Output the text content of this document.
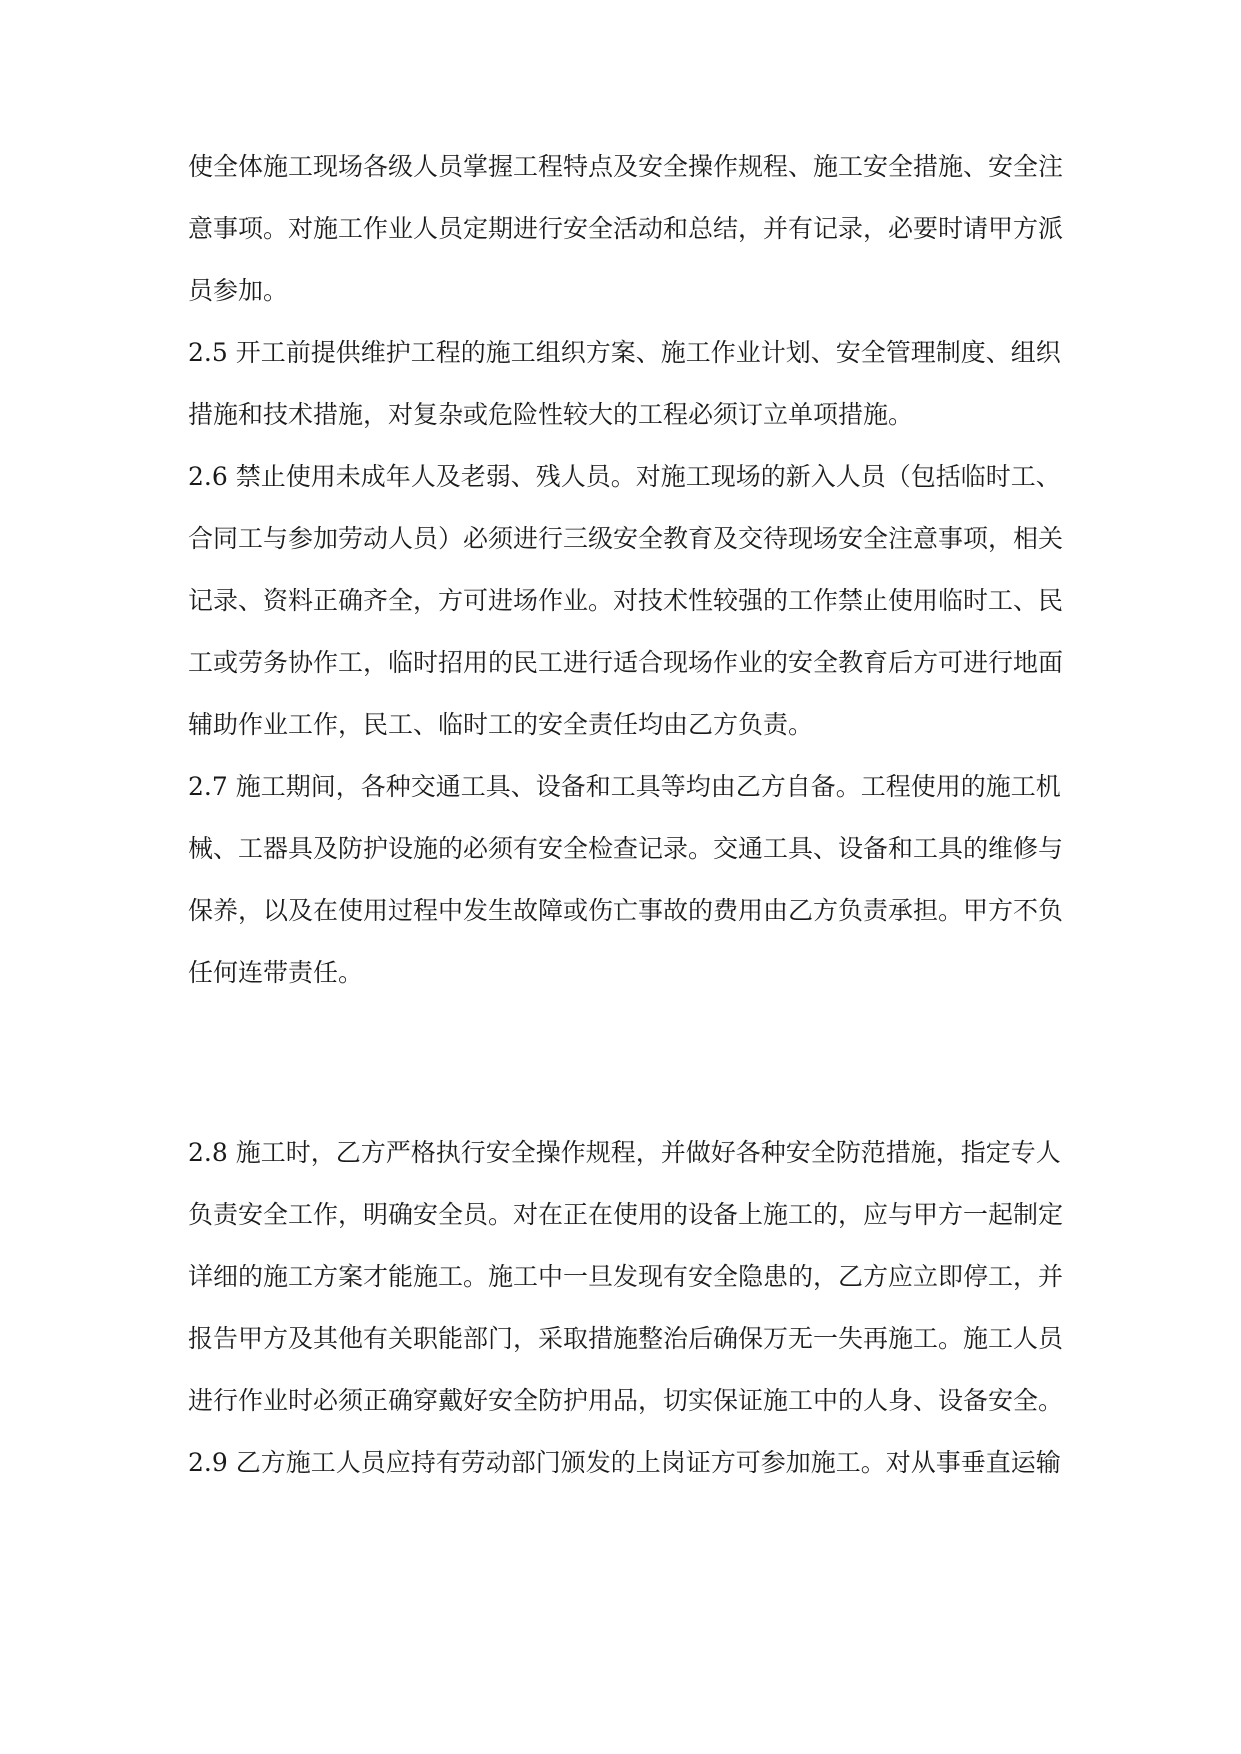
使全体施工现场各级人员掌握工程特点及安全操作规程、施工安全措施、安全注
意事项。对施工作业人员定期进行安全活动和总结，并有记录，必要时请甲方派
员参加。
2.5 开工前提供维护工程的施工组织方案、施工作业计划、安全管理制度、组织
措施和技术措施，对复杂或危险性较大的工程必须订立单项措施。
2.6 禁止使用未成年人及老弱、残人员。对施工现场的新入人员（包括临时工、
合同工与参加劳动人员）必须进行三级安全教育及交待现场安全注意事项，相关
记录、资料正确齐全，方可进场作业。对技术性较强的工作禁止使用临时工、民
工或劳务协作工，临时招用的民工进行适合现场作业的安全教育后方可进行地面
辅助作业工作，民工、临时工的安全责任均由乙方负责。
2.7 施工期间，各种交通工具、设备和工具等均由乙方自备。工程使用的施工机
械、工器具及防护设施的必须有安全检查记录。交通工具、设备和工具的维修与
保养，以及在使用过程中发生故障或伤亡事故的费用由乙方负责承担。甲方不负
任何连带责任。
2.8 施工时，乙方严格执行安全操作规程，并做好各种安全防范措施，指定专人
负责安全工作，明确安全员。对在正在使用的设备上施工的，应与甲方一起制定
详细的施工方案才能施工。施工中一旦发现有安全隐患的，乙方应立即停工，并
报告甲方及其他有关职能部门，采取措施整治后确保万无一失再施工。施工人员
进行作业时必须正确穿戴好安全防护用品，切实保证施工中的人身、设备安全。
2.9 乙方施工人员应持有劳动部门颁发的上岗证方可参加施工。对从事垂直运输
